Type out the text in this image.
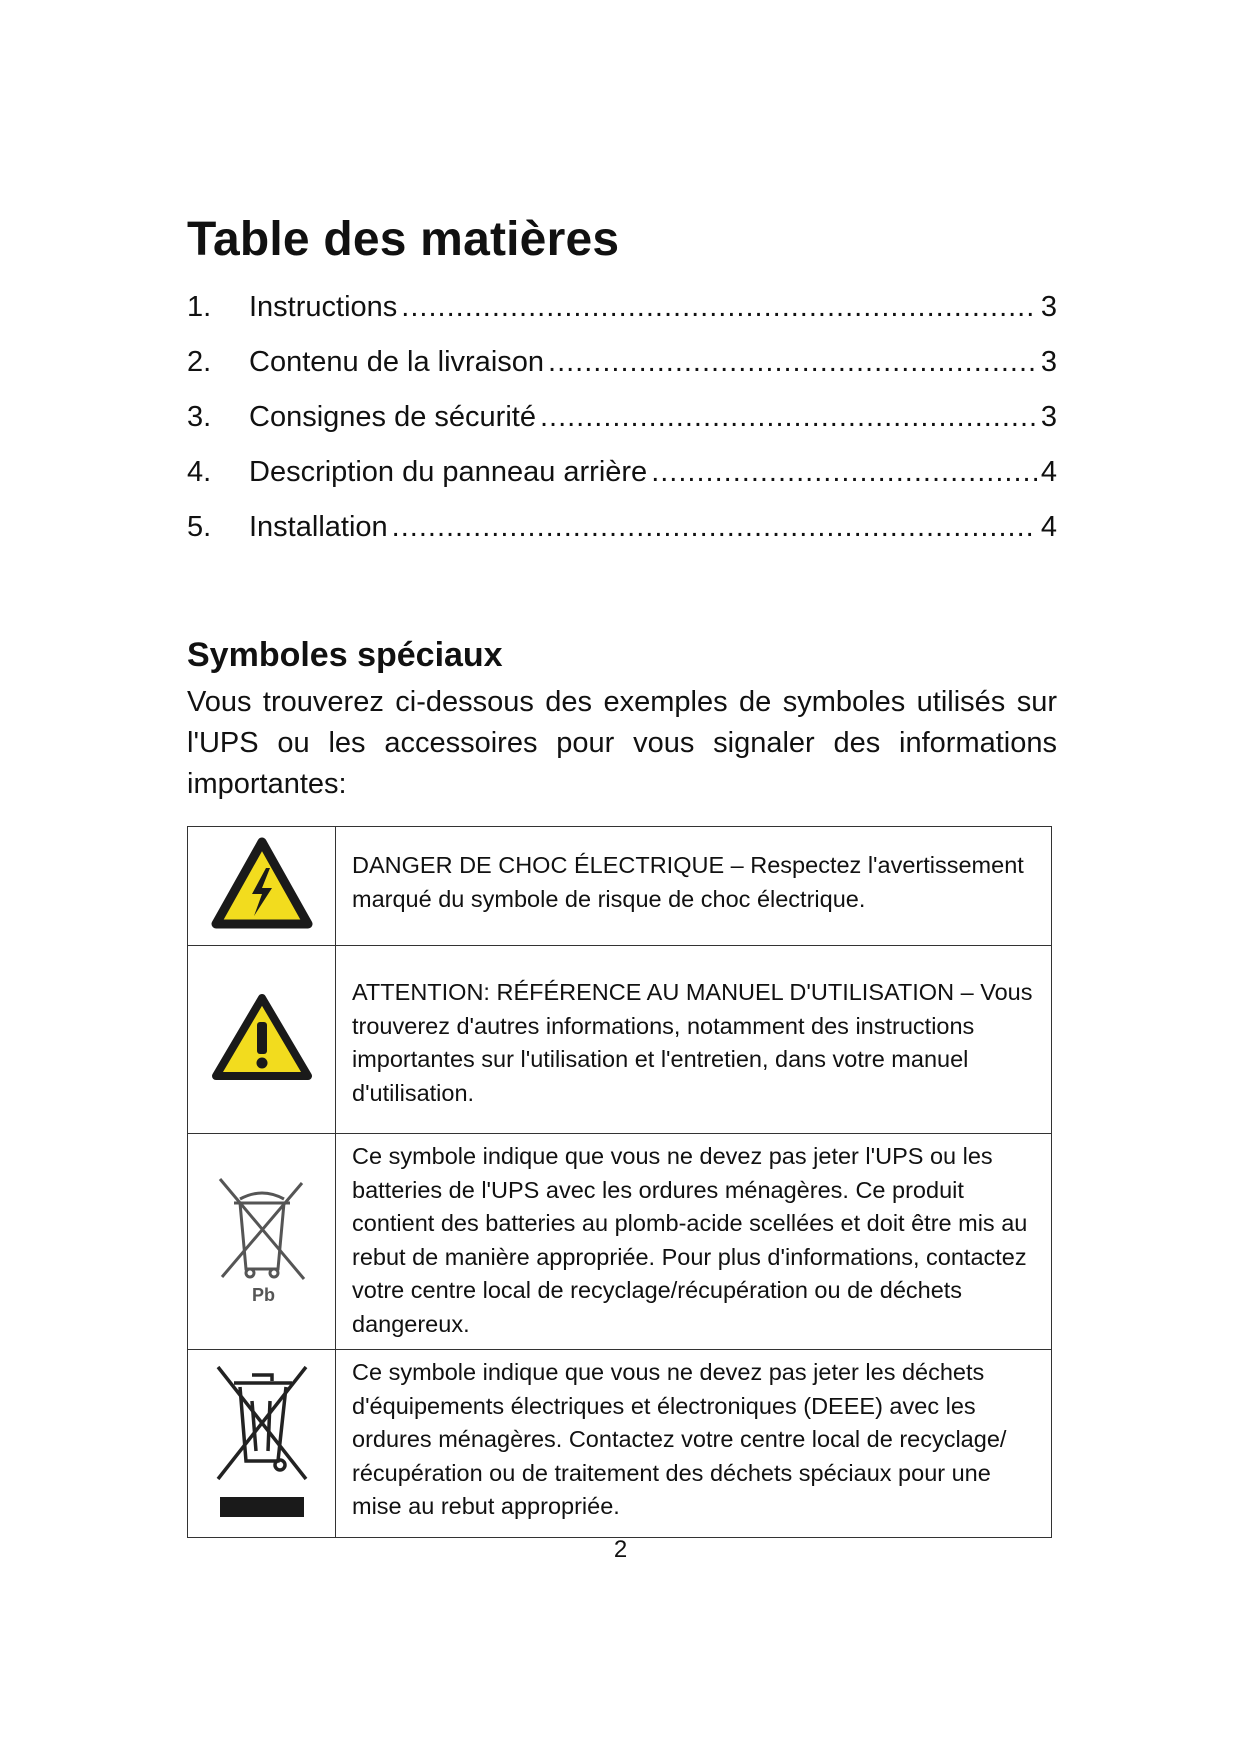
Table des matières
1.	Instructions .....	3
2.	Contenu de la livraison .....	3
3.	Consignes de sécurité .....	3
4.	Description du panneau arrière .....	4
5.	Installation .....	4
Symboles spéciaux

Vous trouverez ci-dessous des exemples de symboles utilisés sur l'UPS ou les accessoires pour vous signaler des informations importantes:

	DANGER DE CHOC ÉLECTRIQUE – Respectez l'avertissement marqué du symbole de risque de choc électrique.
	ATTENTION: RÉFÉRENCE AU MANUEL D'UTILISATION – Vous trouverez d'autres informations, notamment des instructions importantes sur l'utilisation et l'entretien, dans votre manuel d'utilisation.

Pb	Ce symbole indique que vous ne devez pas jeter l'UPS ou les batteries de l'UPS avec les ordures ménagères. Ce produit contient des batteries au plomb-acide scellées et doit être mis au rebut de manière appropriée. Pour plus d'informations, contactez votre centre local de recyclage/récupération ou de déchets dangereux.
	Ce symbole indique que vous ne devez pas jeter les déchets d'équipements électriques et électroniques (DEEE) avec les ordures ménagères. Contactez votre centre local de recyclage/ récupération ou de traitement des déchets spéciaux pour une mise au rebut appropriée.
2
